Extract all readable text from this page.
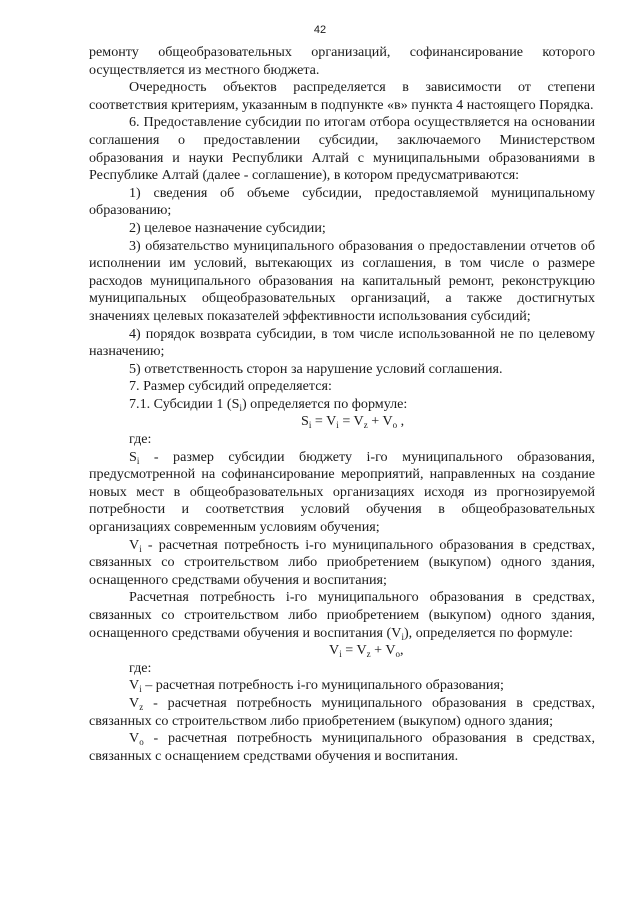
42

ремонту общеобразовательных организаций, софинансирование которого осуществляется из местного бюджета.

Очередность объектов распределяется в зависимости от степени соответствия критериям, указанным в подпункте «в» пункта 4 настоящего Порядка.

6. Предоставление субсидии по итогам отбора осуществляется на основании соглашения о предоставлении субсидии, заключаемого Министерством образования и науки Республики Алтай с муниципальными образованиями в Республике Алтай (далее - соглашение), в котором предусматриваются:

1) сведения об объеме субсидии, предоставляемой муниципальному образованию;

2) целевое назначение субсидии;

3) обязательство муниципального образования о предоставлении отчетов об исполнении им условий, вытекающих из соглашения, в том числе о размере расходов муниципального образования на капитальный ремонт, реконструкцию муниципальных общеобразовательных организаций, а также достигнутых значениях целевых показателей эффективности использования субсидий;

4) порядок возврата субсидии, в том числе использованной не по целевому назначению;

5) ответственность сторон за нарушение условий соглашения.

7. Размер субсидий определяется:

7.1. Субсидии 1 $(S_i)$ определяется по формуле:

$S_i = V_i = V_z + V_o$ ,

где:

$S_i$ - размер субсидии бюджету i-го муниципального образования, предусмотренной на софинансирование мероприятий, направленных на создание новых мест в общеобразовательных организациях исходя из прогнозируемой потребности и соответствия условий обучения в общеобразовательных организациях современным условиям обучения;

$V_i$ - расчетная потребность i-го муниципального образования в средствах, связанных со строительством либо приобретением (выкупом) одного здания, оснащенного средствами обучения и воспитания;

Расчетная потребность i-го муниципального образования в средствах, связанных со строительством либо приобретением (выкупом) одного здания, оснащенного средствами обучения и воспитания $(V_i)$, определяется по формуле:

$V_i = V_z + V_o$,

где:

$V_i$ – расчетная потребность i-го муниципального образования;

$V_z$ - расчетная потребность муниципального образования в средствах, связанных со строительством либо приобретением (выкупом) одного здания;

$V_o$ - расчетная потребность муниципального образования в средствах, связанных с оснащением средствами обучения и воспитания.
